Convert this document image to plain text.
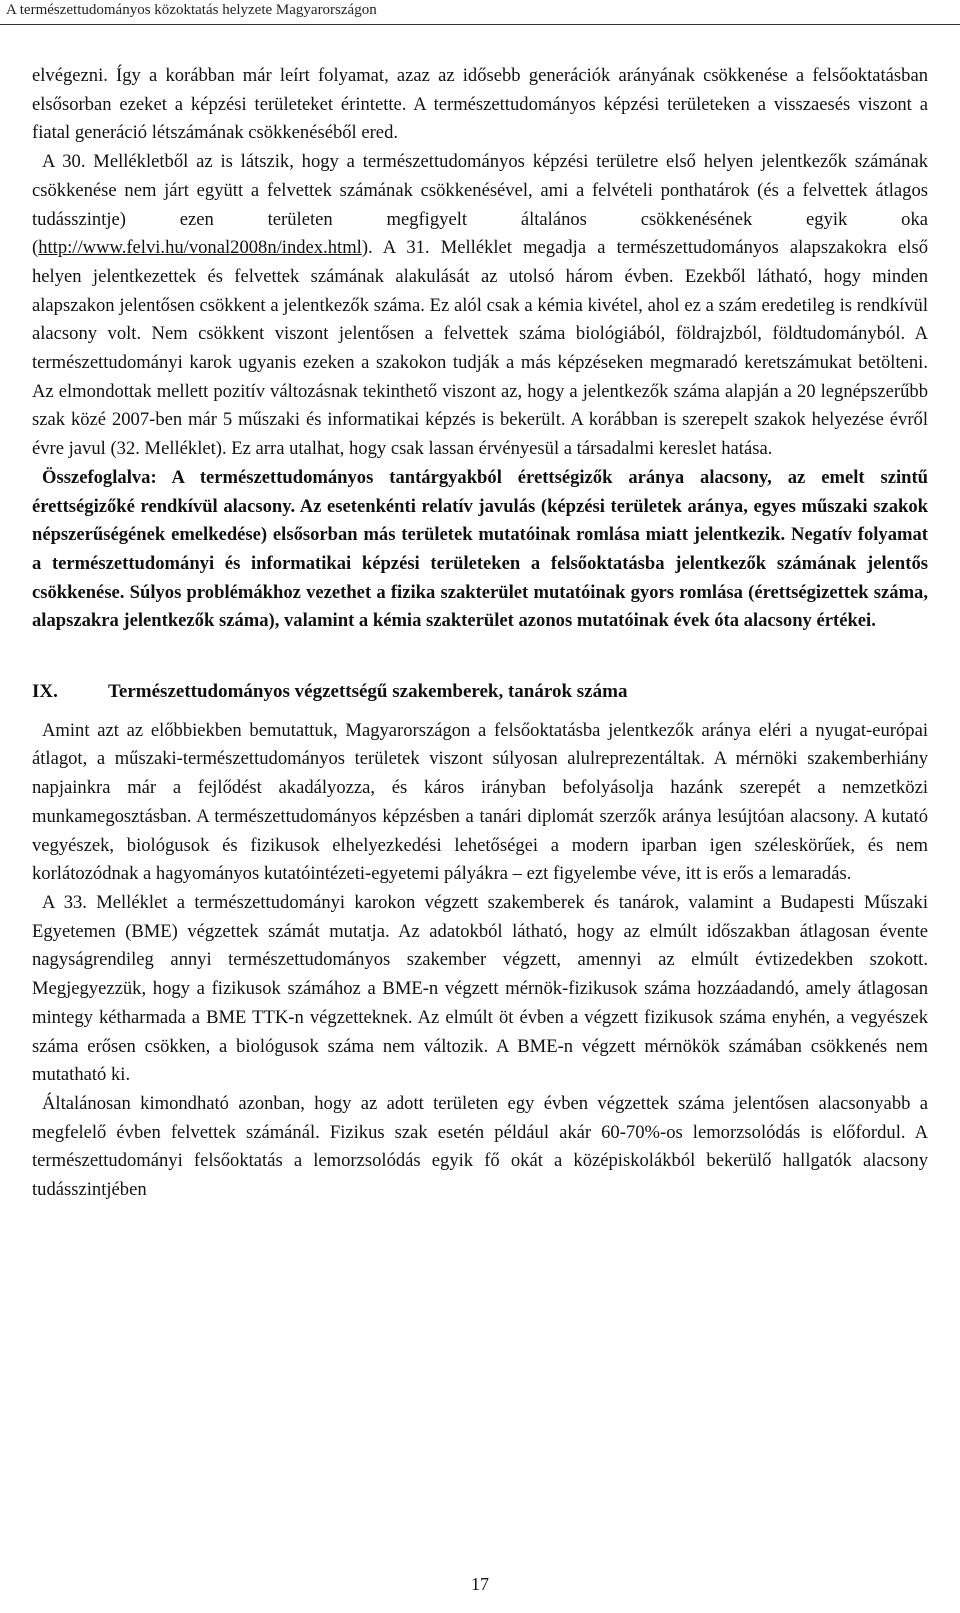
A természettudományos közoktatás helyzete Magyarországon

elvégezni. Így a korábban már leírt folyamat, azaz az idősebb generációk arányának csökkenése a felsőoktatásban elsősorban ezeket a képzési területeket érintette. A természettudományos képzési területeken a visszaesés viszont a fiatal generáció létszámának csökkenéséből ered.

A 30. Mellékletből az is látszik, hogy a természettudományos képzési területre első helyen jelentkezők számának csökkenése nem járt együtt a felvettek számának csökkenésével, ami a felvételi ponthatárok (és a felvettek átlagos tudásszintje) ezen területen megfigyelt általános csökkenésének egyik oka (http://www.felvi.hu/vonal2008n/index.html). A 31. Melléklet megadja a természettudományos alapszakokra első helyen jelentkezettek és felvettek számának alakulását az utolsó három évben. Ezekből látható, hogy minden alapszakon jelentősen csökkent a jelentkezők száma. Ez alól csak a kémia kivétel, ahol ez a szám eredetileg is rendkívül alacsony volt. Nem csökkent viszont jelentősen a felvettek száma biológiából, földrajzból, földtudományból. A természettudományi karok ugyanis ezeken a szakokon tudják a más képzéseken megmaradó keretszámukat betölteni. Az elmondottak mellett pozitív változásnak tekinthető viszont az, hogy a jelentkezők száma alapján a 20 legnépszerűbb szak közé 2007-ben már 5 műszaki és informatikai képzés is bekerült. A korábban is szerepelt szakok helyezése évről évre javul (32. Melléklet). Ez arra utalhat, hogy csak lassan érvényesül a társadalmi kereslet hatása.

Összefoglalva: A természettudományos tantárgyakból érettségizők aránya alacsony, az emelt szintű érettségizőké rendkívül alacsony. Az esetenkénti relatív javulás (képzési területek aránya, egyes műszaki szakok népszerűségének emelkedése) elsősorban más területek mutatóinak romlása miatt jelentkezik. Negatív folyamat a természettudományi és informatikai képzési területeken a felsőoktatásba jelentkezők számának jelentős csökkenése. Súlyos problémákhoz vezethet a fizika szakterület mutatóinak gyors romlása (érettségizettek száma, alapszakra jelentkezők száma), valamint a kémia szakterület azonos mutatóinak évek óta alacsony értékei.

IX.	Természettudományos végzettségű szakemberek, tanárok száma

Amint azt az előbbiekben bemutattuk, Magyarországon a felsőoktatásba jelentkezők aránya eléri a nyugat-európai átlagot, a műszaki-természettudományos területek viszont súlyosan alulreprezentáltak. A mérnöki szakemberhiány napjainkra már a fejlődést akadályozza, és káros irányban befolyásolja hazánk szerepét a nemzetközi munkamegosztásban. A természettudományos képzésben a tanári diplomát szerzők aránya lesújtóan alacsony. A kutató vegyészek, biológusok és fizikusok elhelyezkedési lehetőségei a modern iparban igen széleskörűek, és nem korlátozódnak a hagyományos kutatóintézeti-egyetemi pályákra – ezt figyelembe véve, itt is erős a lemaradás.

A 33. Melléklet a természettudományi karokon végzett szakemberek és tanárok, valamint a Budapesti Műszaki Egyetemen (BME) végzettek számát mutatja. Az adatokból látható, hogy az elmúlt időszakban átlagosan évente nagyságrendileg annyi természettudományos szakember végzett, amennyi az elmúlt évtizedekben szokott. Megjegyezzük, hogy a fizikusok számához a BME-n végzett mérnök-fizikusok száma hozzáadandó, amely átlagosan mintegy kétharmada a BME TTK-n végzetteknek. Az elmúlt öt évben a végzett fizikusok száma enyhén, a vegyészek száma erősen csökken, a biológusok száma nem változik. A BME-n végzett mérnökök számában csökkenés nem mutatható ki.

Általánosan kimondható azonban, hogy az adott területen egy évben végzettek száma jelentősen alacsonyabb a megfelelő évben felvettek számánál. Fizikus szak esetén például akár 60-70%-os lemorzsolódás is előfordul. A természettudományi felsőoktatás a lemorzsolódás egyik fő okát a középiskolákból bekerülő hallgatók alacsony tudásszintjében

17
